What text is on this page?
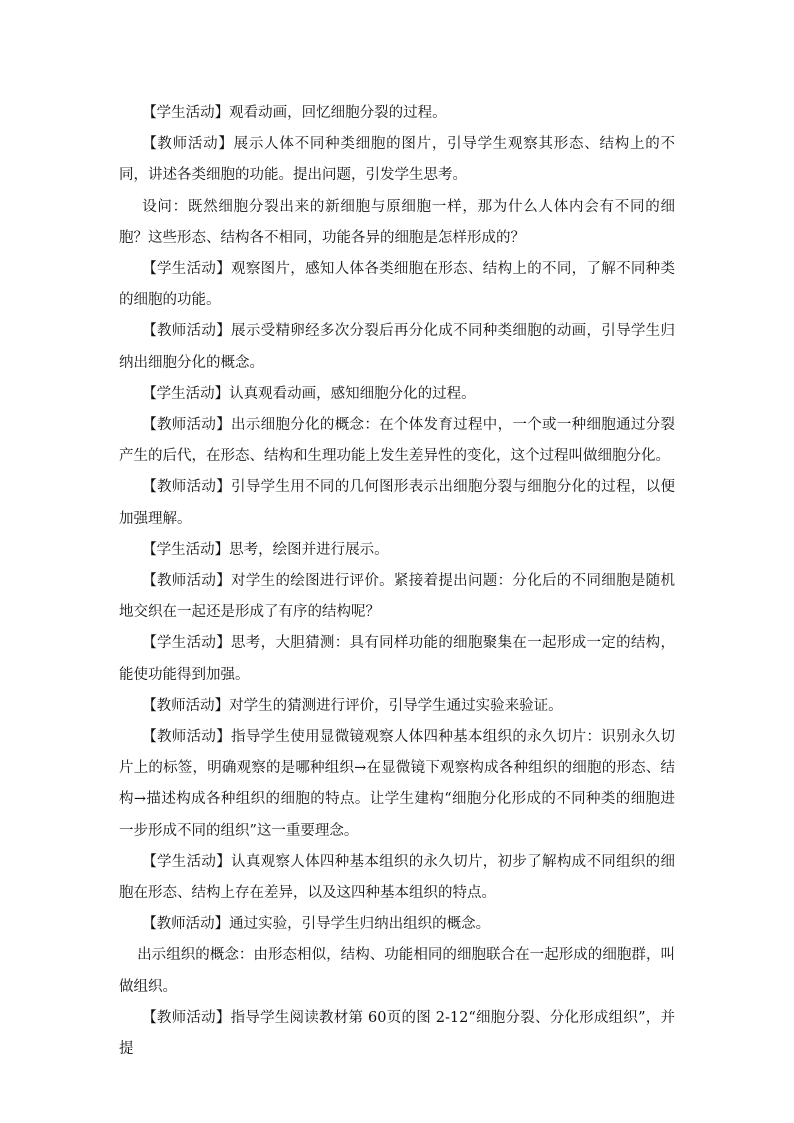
【学生活动】观看动画，回忆细胞分裂的过程。

【教师活动】展示人体不同种类细胞的图片，引导学生观察其形态、结构上的不同，讲述各类细胞的功能。提出问题，引发学生思考。

设问：既然细胞分裂出来的新细胞与原细胞一样，那为什么人体内会有不同的细胞？这些形态、结构各不相同，功能各异的细胞是怎样形成的？

【学生活动】观察图片，感知人体各类细胞在形态、结构上的不同，了解不同种类的细胞的功能。

【教师活动】展示受精卵经多次分裂后再分化成不同种类细胞的动画，引导学生归纳出细胞分化的概念。

【学生活动】认真观看动画，感知细胞分化的过程。

【教师活动】出示细胞分化的概念：在个体发育过程中，一个或一种细胞通过分裂产生的后代，在形态、结构和生理功能上发生差异性的变化，这个过程叫做细胞分化。

【教师活动】引导学生用不同的几何图形表示出细胞分裂与细胞分化的过程，以便加强理解。

【学生活动】思考，绘图并进行展示。

【教师活动】对学生的绘图进行评价。紧接着提出问题：分化后的不同细胞是随机地交织在一起还是形成了有序的结构呢？

【学生活动】思考，大胆猜测：具有同样功能的细胞聚集在一起形成一定的结构，能使功能得到加强。

【教师活动】对学生的猜测进行评价，引导学生通过实验来验证。

【教师活动】指导学生使用显微镜观察人体四种基本组织的永久切片：识别永久切片上的标签，明确观察的是哪种组织→在显微镜下观察构成各种组织的细胞的形态、结构→描述构成各种组织的细胞的特点。让学生建构“细胞分化形成的不同种类的细胞进一步形成不同的组织”这一重要理念。

【学生活动】认真观察人体四种基本组织的永久切片，初步了解构成不同组织的细胞在形态、结构上存在差异，以及这四种基本组织的特点。

【教师活动】通过实验，引导学生归纳出组织的概念。

出示组织的概念：由形态相似，结构、功能相同的细胞联合在一起形成的细胞群，叫做组织。

【教师活动】指导学生阅读教材第 60页的图 2-12“细胞分裂、分化形成组织”，并提
